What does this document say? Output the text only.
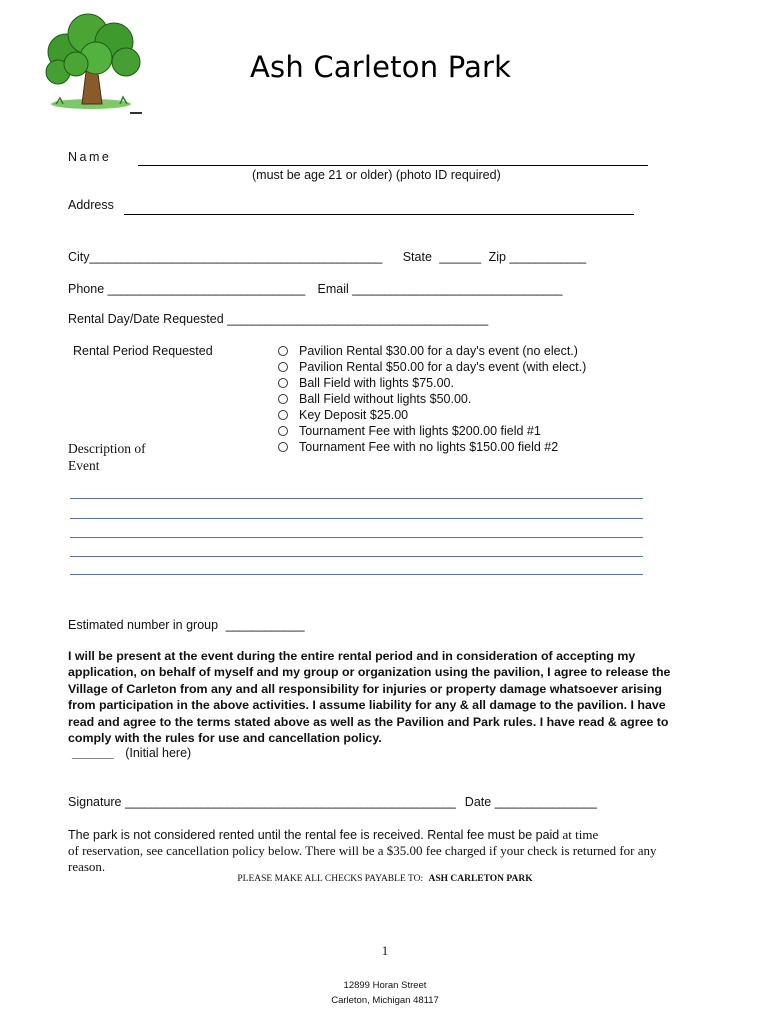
Ash Carleton Park
Name
(must be age 21 or older) (photo ID required)
Address
City______________________________________________ State ______ Zip ____________
Phone _______________________________ Email _________________________________
Rental Day/Date Requested _________________________________________
Rental Period Requested	Pavilion Rental $30.00 for a day's event (no elect.)
Pavilion Rental $50.00 for a day's event (with elect.)
Ball Field with lights $75.00.
Ball Field without lights $50.00.
Key Deposit $25.00
Tournament Fee with lights $200.00 field #1
Tournament Fee with no lights $150.00 field #2
Description of
Event
Estimated number in group ____________
I will be present at the event during the entire rental period and in consideration of accepting my application, on behalf of myself and my group or organization using the pavilion, I agree to release the Village of Carleton from any and all responsibility for injuries or property damage whatsoever arising from participation in the above activities. I assume liability for any & all damage to the pavilion. I have read and agree to the terms stated above as well as the Pavilion and Park rules. I have read & agree to comply with the rules for use and cancellation policy.
______ (Initial here)
Signature ____________________________________________________ Date ________________
The park is not considered rented until the rental fee is received. Rental fee must be paid at time
of reservation, see cancellation policy below. There will be a $35.00 fee charged if your check is returned for any
reason.
PLEASE MAKE ALL CHECKS PAYABLE TO: ASH CARLETON PARK
1
12899 Horan Street
Carleton, Michigan 48117
